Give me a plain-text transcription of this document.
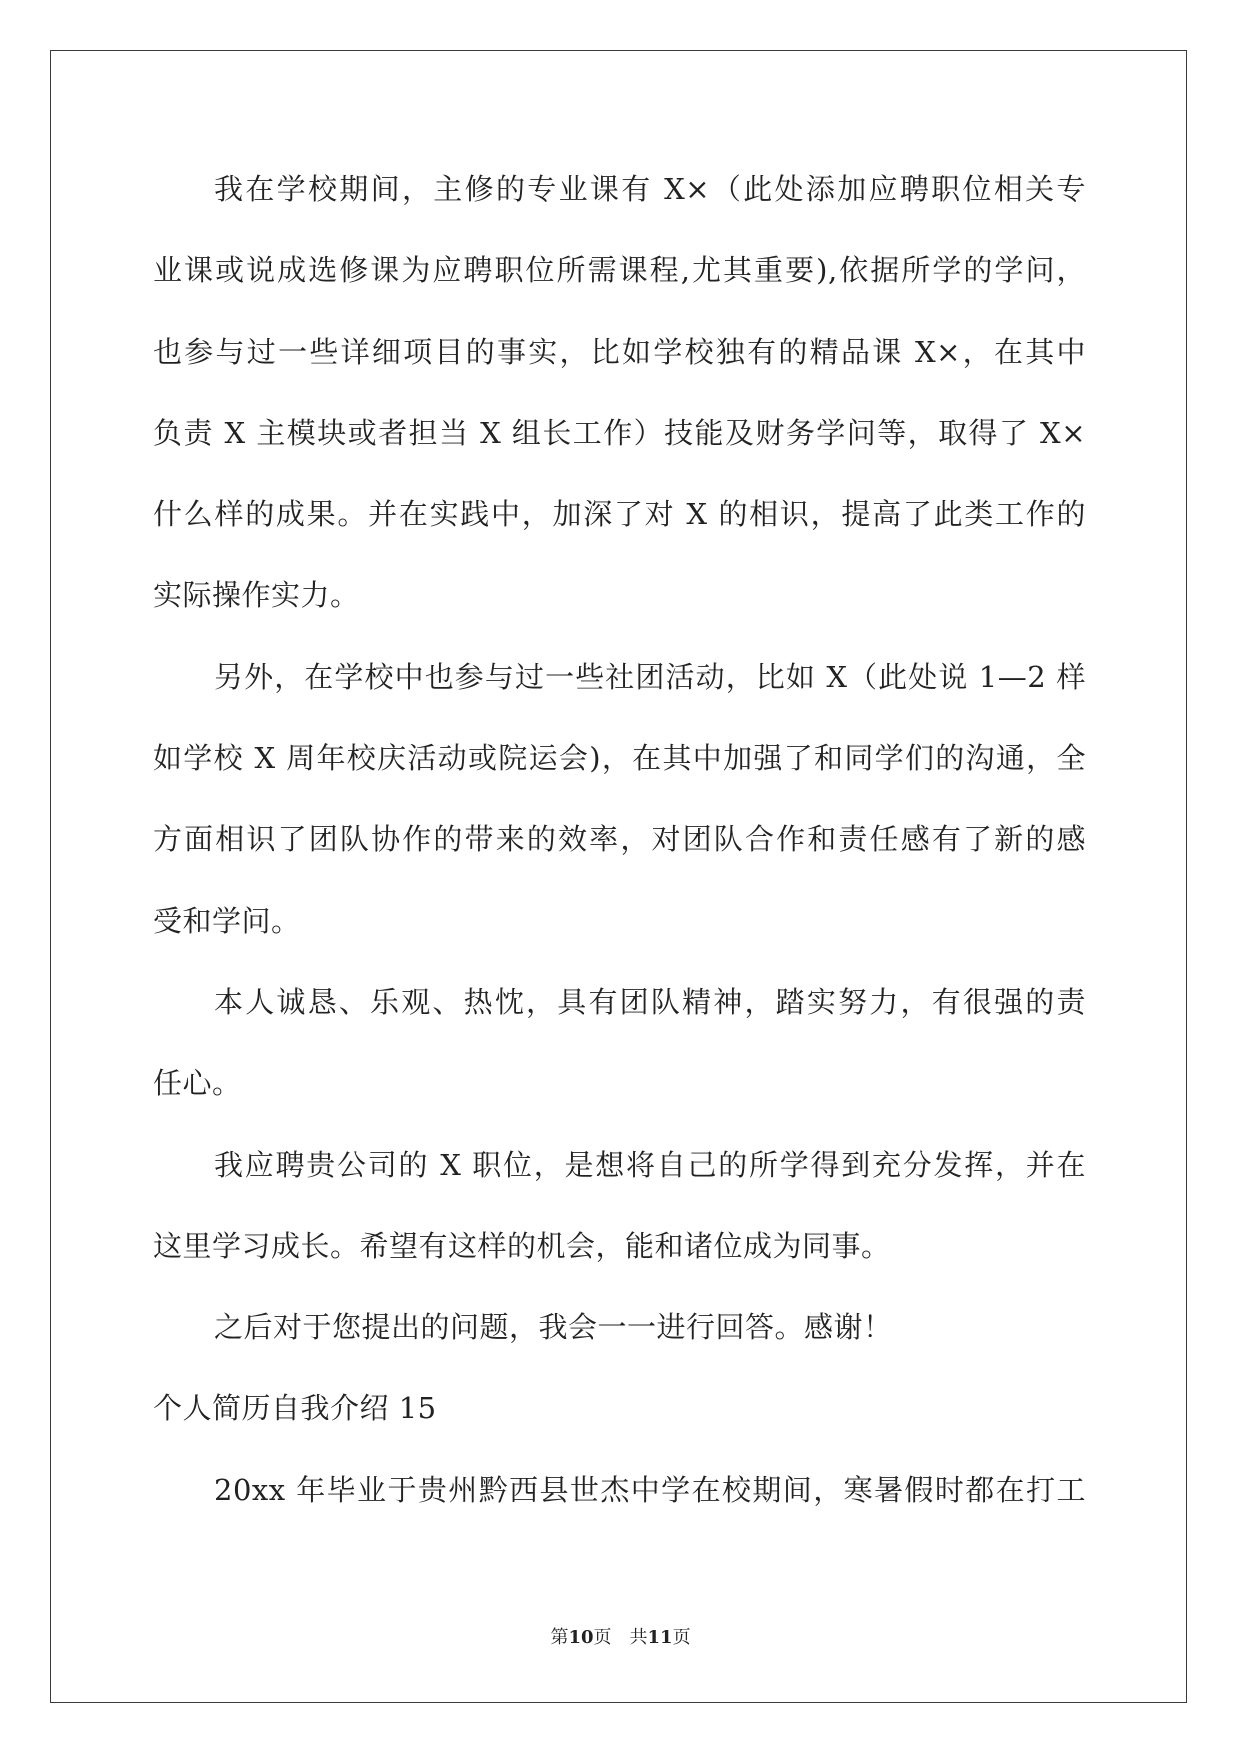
我在学校期间，主修的专业课有 X×（此处添加应聘职位相关专
业课或说成选修课为应聘职位所需课程,尤其重要),依据所学的学问，
也参与过一些详细项目的事实，比如学校独有的精品课 X×，在其中
负责 X 主模块或者担当 X 组长工作）技能及财务学问等，取得了 X×
什么样的成果。并在实践中，加深了对 X 的相识，提高了此类工作的
实际操作实力。
另外，在学校中也参与过一些社团活动，比如 X（此处说 1—2 样
如学校 X 周年校庆活动或院运会)，在其中加强了和同学们的沟通，全
方面相识了团队协作的带来的效率，对团队合作和责任感有了新的感
受和学问。
本人诚恳、乐观、热忱，具有团队精神，踏实努力，有很强的责
任心。
我应聘贵公司的 X 职位，是想将自己的所学得到充分发挥，并在
这里学习成长。希望有这样的机会，能和诸位成为同事。
之后对于您提出的问题，我会一一进行回答。感谢！
个人简历自我介绍 15
20xx 年毕业于贵州黔西县世杰中学在校期间，寒暑假时都在打工
第10页 共11页
